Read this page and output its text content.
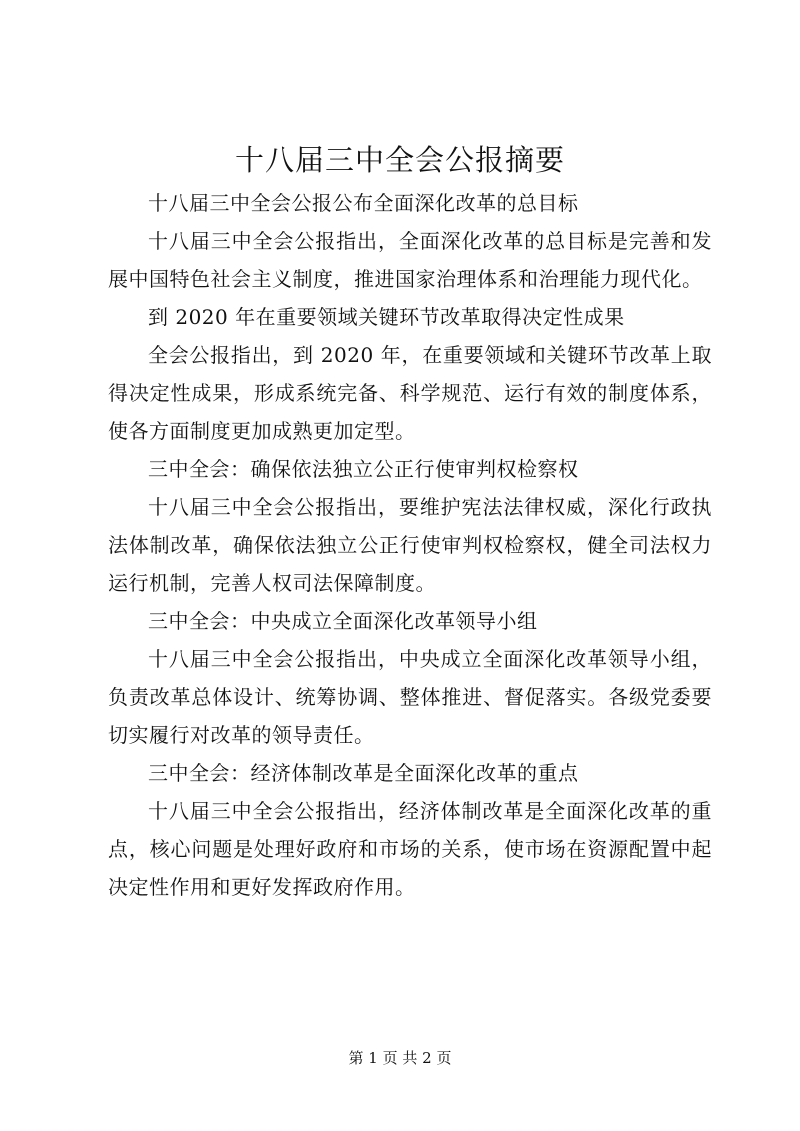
十八届三中全会公报摘要

十八届三中全会公报公布全面深化改革的总目标

十八届三中全会公报指出，全面深化改革的总目标是完善和发展中国特色社会主义制度，推进国家治理体系和治理能力现代化。

到 2020 年在重要领域关键环节改革取得决定性成果

全会公报指出，到 2020 年，在重要领域和关键环节改革上取得决定性成果，形成系统完备、科学规范、运行有效的制度体系，使各方面制度更加成熟更加定型。

三中全会：确保依法独立公正行使审判权检察权

十八届三中全会公报指出，要维护宪法法律权威，深化行政执法体制改革，确保依法独立公正行使审判权检察权，健全司法权力运行机制，完善人权司法保障制度。

三中全会：中央成立全面深化改革领导小组

十八届三中全会公报指出，中央成立全面深化改革领导小组，负责改革总体设计、统筹协调、整体推进、督促落实。各级党委要切实履行对改革的领导责任。

三中全会：经济体制改革是全面深化改革的重点

十八届三中全会公报指出，经济体制改革是全面深化改革的重点，核心问题是处理好政府和市场的关系，使市场在资源配置中起决定性作用和更好发挥政府作用。

第 1 页 共 2 页
